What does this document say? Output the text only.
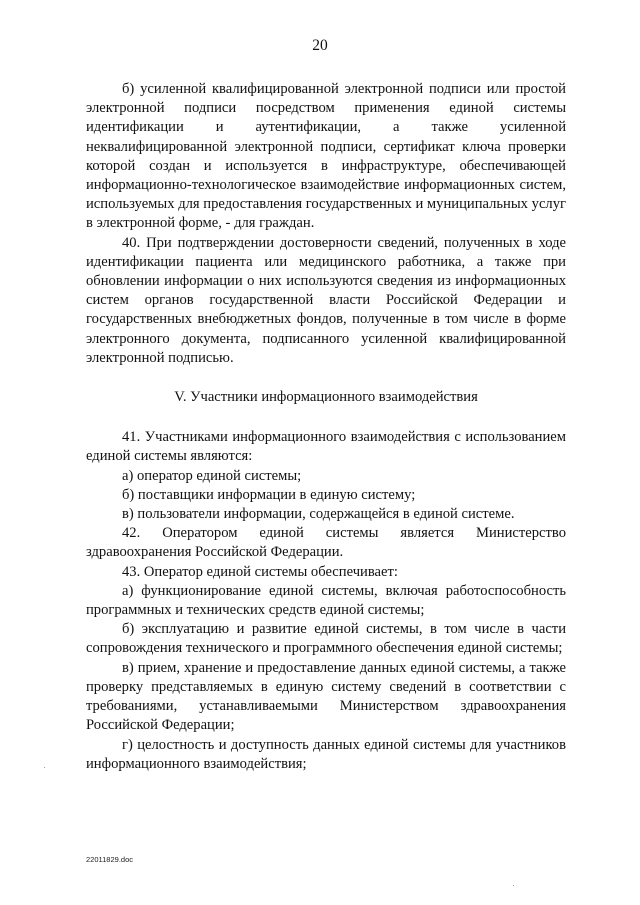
20

б) усиленной квалифицированной электронной подписи или простой электронной подписи посредством применения единой системы идентификации и аутентификации, а также усиленной неквалифицированной электронной подписи, сертификат ключа проверки которой создан и используется в инфраструктуре, обеспечивающей информационно-технологическое взаимодействие информационных систем, используемых для предоставления государственных и муниципальных услуг в электронной форме, - для граждан.

40. При подтверждении достоверности сведений, полученных в ходе идентификации пациента или медицинского работника, а также при обновлении информации о них используются сведения из информационных систем органов государственной власти Российской Федерации и государственных внебюджетных фондов, полученные в том числе в форме электронного документа, подписанного усиленной квалифицированной электронной подписью.

V. Участники информационного взаимодействия

41. Участниками информационного взаимодействия с использованием единой системы являются:

а) оператор единой системы;

б) поставщики информации в единую систему;

в) пользователи информации, содержащейся в единой системе.

42. Оператором единой системы является Министерство здравоохранения Российской Федерации.

43. Оператор единой системы обеспечивает:

а) функционирование единой системы, включая работоспособность программных и технических средств единой системы;

б) эксплуатацию и развитие единой системы, в том числе в части сопровождения технического и программного обеспечения единой системы;

в) прием, хранение и предоставление данных единой системы, а также проверку представляемых в единую систему сведений в соответствии с требованиями, устанавливаемыми Министерством здравоохранения Российской Федерации;

г) целостность и доступность данных единой системы для участников информационного взаимодействия;

22011829.doc
